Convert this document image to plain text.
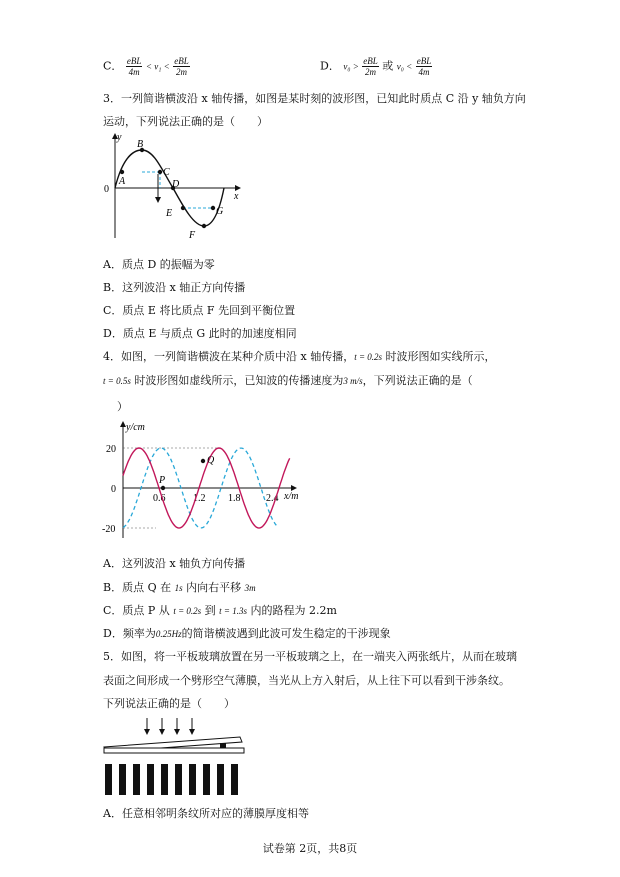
C． $\frac{\text{eBL}}{4m} < v_1 < \frac{\text{eBL}}{2m}$	D． $v_0 > \frac{\text{eBL}}{2m}$ 或 $v_0 < \frac{\text{eBL}}{4m}$
3．一列简谐横波沿 x 轴传播，如图是某时刻的波形图，已知此时质点 C 沿 y 轴负方向
运动，下列说法正确的是（　　）
y
x
0
A
B
C
D
E
F
G
A．质点 D 的振幅为零
B．这列波沿 x 轴正方向传播
C．质点 E 将比质点 F 先回到平衡位置
D．质点 E 与质点 G 此时的加速度相同
4．如图，一列简谐横波在某种介质中沿 x 轴传播，t = 0.2s 时波形图如实线所示，
t = 0.5s 时波形图如虚线所示，已知波的传播速度为3 m/s，下列说法正确的是（
）
y/cm
x/m
20
0
-20
0.6	1.2 1.8	2.4
P
Q
A．这列波沿 x 轴负方向传播
B．质点 Q 在 1s 内向右平移 3m
C．质点 P 从 t = 0.2s 到 t = 1.3s 内的路程为 2.2m
D．频率为0.25Hz的简谐横波遇到此波可发生稳定的干涉现象
5．如图，将一平板玻璃放置在另一平板玻璃之上，在一端夹入两张纸片，从而在玻璃
表面之间形成一个劈形空气薄膜，当光从上方入射后，从上往下可以看到干涉条纹。
下列说法正确的是（　　）
A．任意相邻明条纹所对应的薄膜厚度相等
试卷第 2页，共8页
